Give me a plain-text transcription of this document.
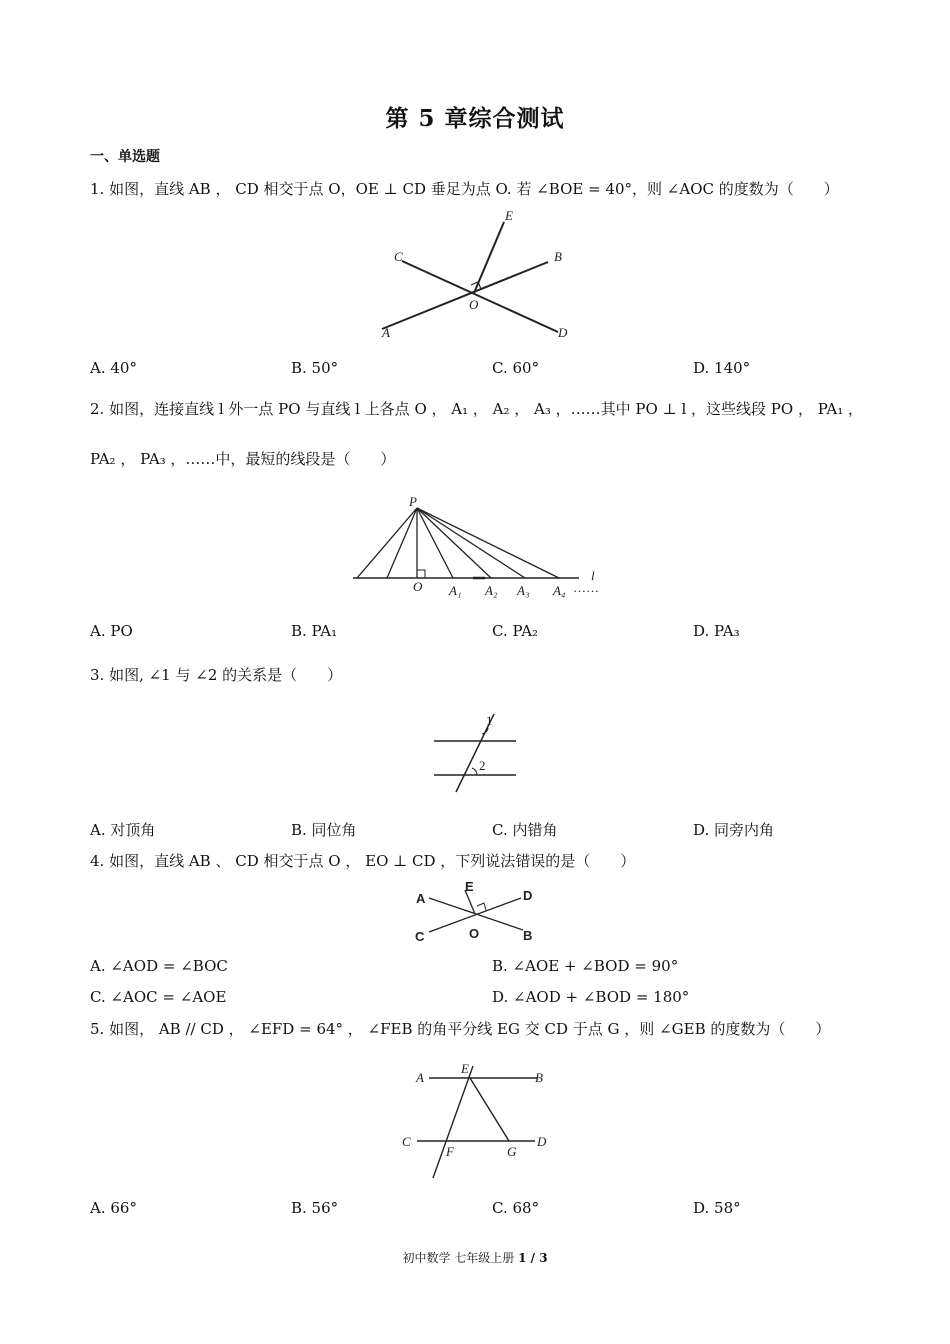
第 5 章综合测试
一、单选题
1. 如图，直线 AB ， CD 相交于点 O，OE ⊥ CD 垂足为点 O. 若 ∠BOE = 40°，则 ∠AOC 的度数为（　　）
E
C	B
O
A	D
A. 40°	B. 50°	C. 60°	D. 140°
2. 如图，连接直线 l 外一点 PO 与直线 l 上各点 O ， A₁ ， A₂ ， A₃ ，……其中 PO ⊥ l ，这些线段 PO ， PA₁ ，
PA₂ ， PA₃ ，……中，最短的线段是（　　）
P
O A₁ A₂ A₃ A₄
l
……
A. PO	B. PA₁	C. PA₂	D. PA₃
3. 如图, ∠1 与 ∠2 的关系是（　　）
1
2
A. 对顶角	B. 同位角	C. 内错角	D. 同旁内角
4. 如图，直线 AB 、 CD 相交于点 O ， EO ⊥ CD ，下列说法错误的是（　　）
A
E
D
C	O	B
A. ∠AOD = ∠BOC	B. ∠AOE + ∠BOD = 90°
C. ∠AOC = ∠AOE	D. ∠AOD + ∠BOD = 180°
5. 如图， AB // CD ， ∠EFD = 64° ， ∠FEB 的角平分线 EG 交 CD 于点 G ，则 ∠GEB 的度数为（　　）
A
E
B
C
F	G
D
A. 66°	B. 56°	C. 68°	D. 58°
初中数学 七年级上册 1 / 3
